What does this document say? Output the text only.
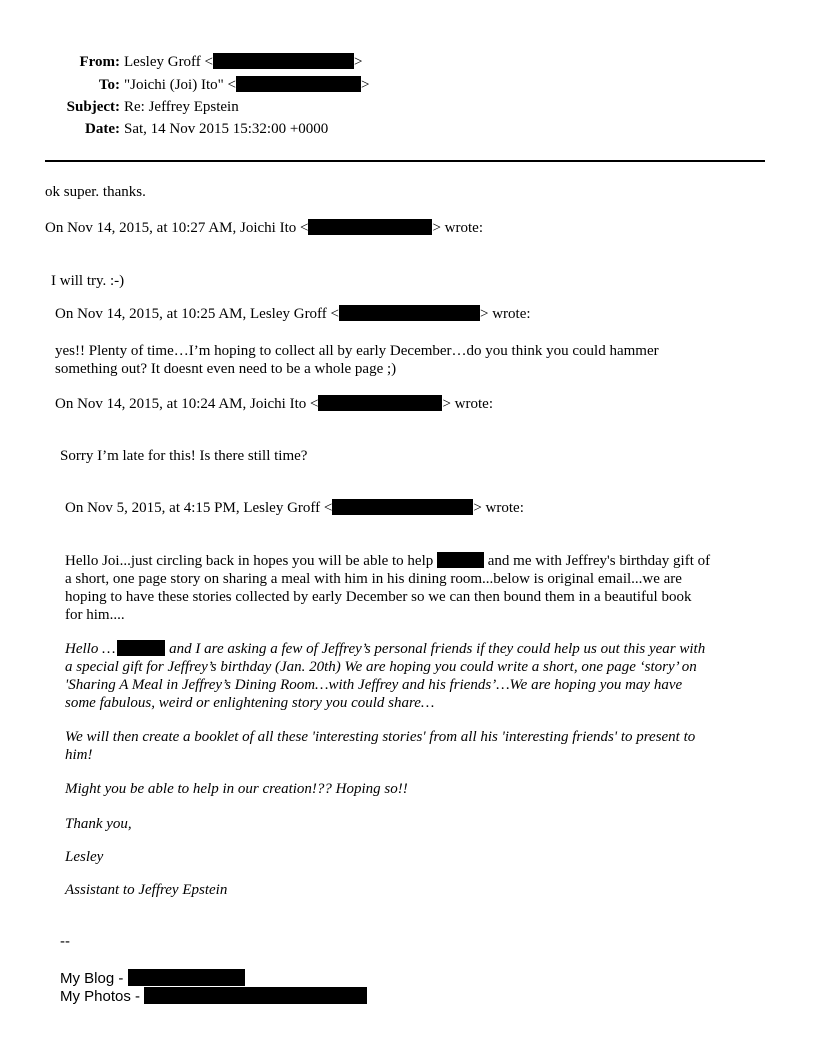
From: Lesley Groff <	>
To: "Joichi (Joi) Ito" <	>
Subject: Re: Jeffrey Epstein
Date: Sat, 14 Nov 2015 15:32:00 +0000
ok super. thanks.
On Nov 14, 2015, at 10:27 AM, Joichi Ito <	> wrote:
I will try. :-)
On Nov 14, 2015, at 10:25 AM, Lesley Groff <	> wrote:
yes!! Plenty of time…I’m hoping to collect all by early December…do you think you could hammer
something out? It doesnt even need to be a whole page ;)
On Nov 14, 2015, at 10:24 AM, Joichi Ito <	> wrote:
Sorry I’m late for this! Is there still time?
On Nov 5, 2015, at 4:15 PM, Lesley Groff <	> wrote:
Hello Joi...just circling back in hopes you will be able to help	and me with Jeffrey's birthday gift of
a short, one page story on sharing a meal with him in his dining room...below is original email...we are
hoping to have these stories collected by early December so we can then bound them in a beautiful book
for him....
Hello …	and I are asking a few of Jeffrey’s personal friends if they could help us out this year with
a special gift for Jeffrey’s birthday (Jan. 20th) We are hoping you could write a short, one page ‘story’ on
'Sharing A Meal in Jeffrey’s Dining Room…with Jeffrey and his friends’…We are hoping you may have
some fabulous, weird or enlightening story you could share…
We will then create a booklet of all these 'interesting stories' from all his 'interesting friends' to present to
him!
Might you be able to help in our creation!?? Hoping so!!
Thank you,
Lesley
Assistant to Jeffrey Epstein
--
My Blog -
My Photos -
